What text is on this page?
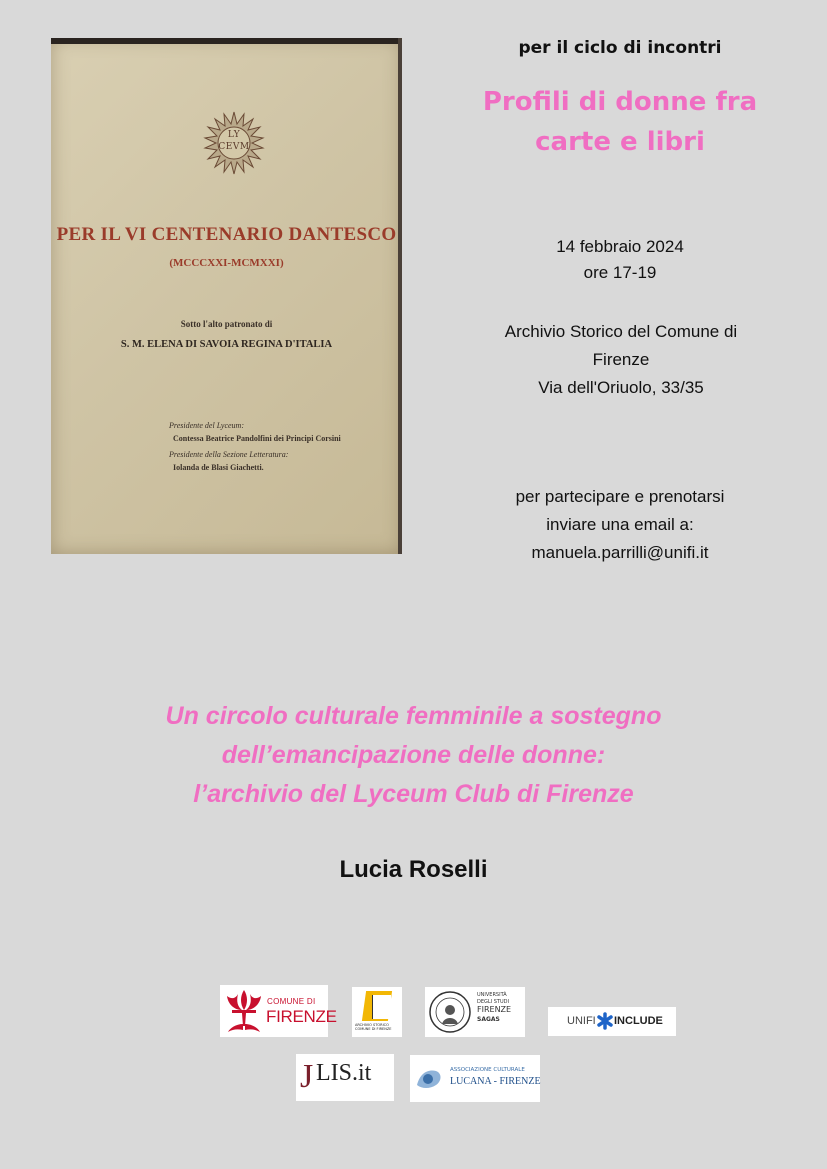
LY
CEVM
PER IL VI CENTENARIO DANTESCO
(MCCCXXI-MCMXXI)
Sotto l'alto patronato di
S. M. ELENA DI SAVOIA REGINA D'ITALIA
Presidente del Lyceum:
Contessa Beatrice Pandolfini dei Principi Corsini
Presidente della Sezione Letteratura:
Iolanda de Blasi Giachetti.
per il ciclo di incontri
Profili di donne fra
carte e libri
14 febbraio 2024
ore 17-19
Archivio Storico del Comune di
Firenze
Via dell'Oriuolo, 33/35
per partecipare e prenotarsi
inviare una email a:
manuela.parrilli@unifi.it
Un circolo culturale femminile a sostegno
dell’emancipazione delle donne:
l’archivio del Lyceum Club di Firenze
Lucia Roselli
COMUNE DI
FIRENZE	ARCHIVIO STORICO COMUNE DI FIRENZE
UNIVERSITÀ
DEGLI STUDI
FIRENZE
SAGAS	UNIFI INCLUDE
J LIS.it	ASSOCIAZIONE CULTURALE
LUCANA - FIRENZE
